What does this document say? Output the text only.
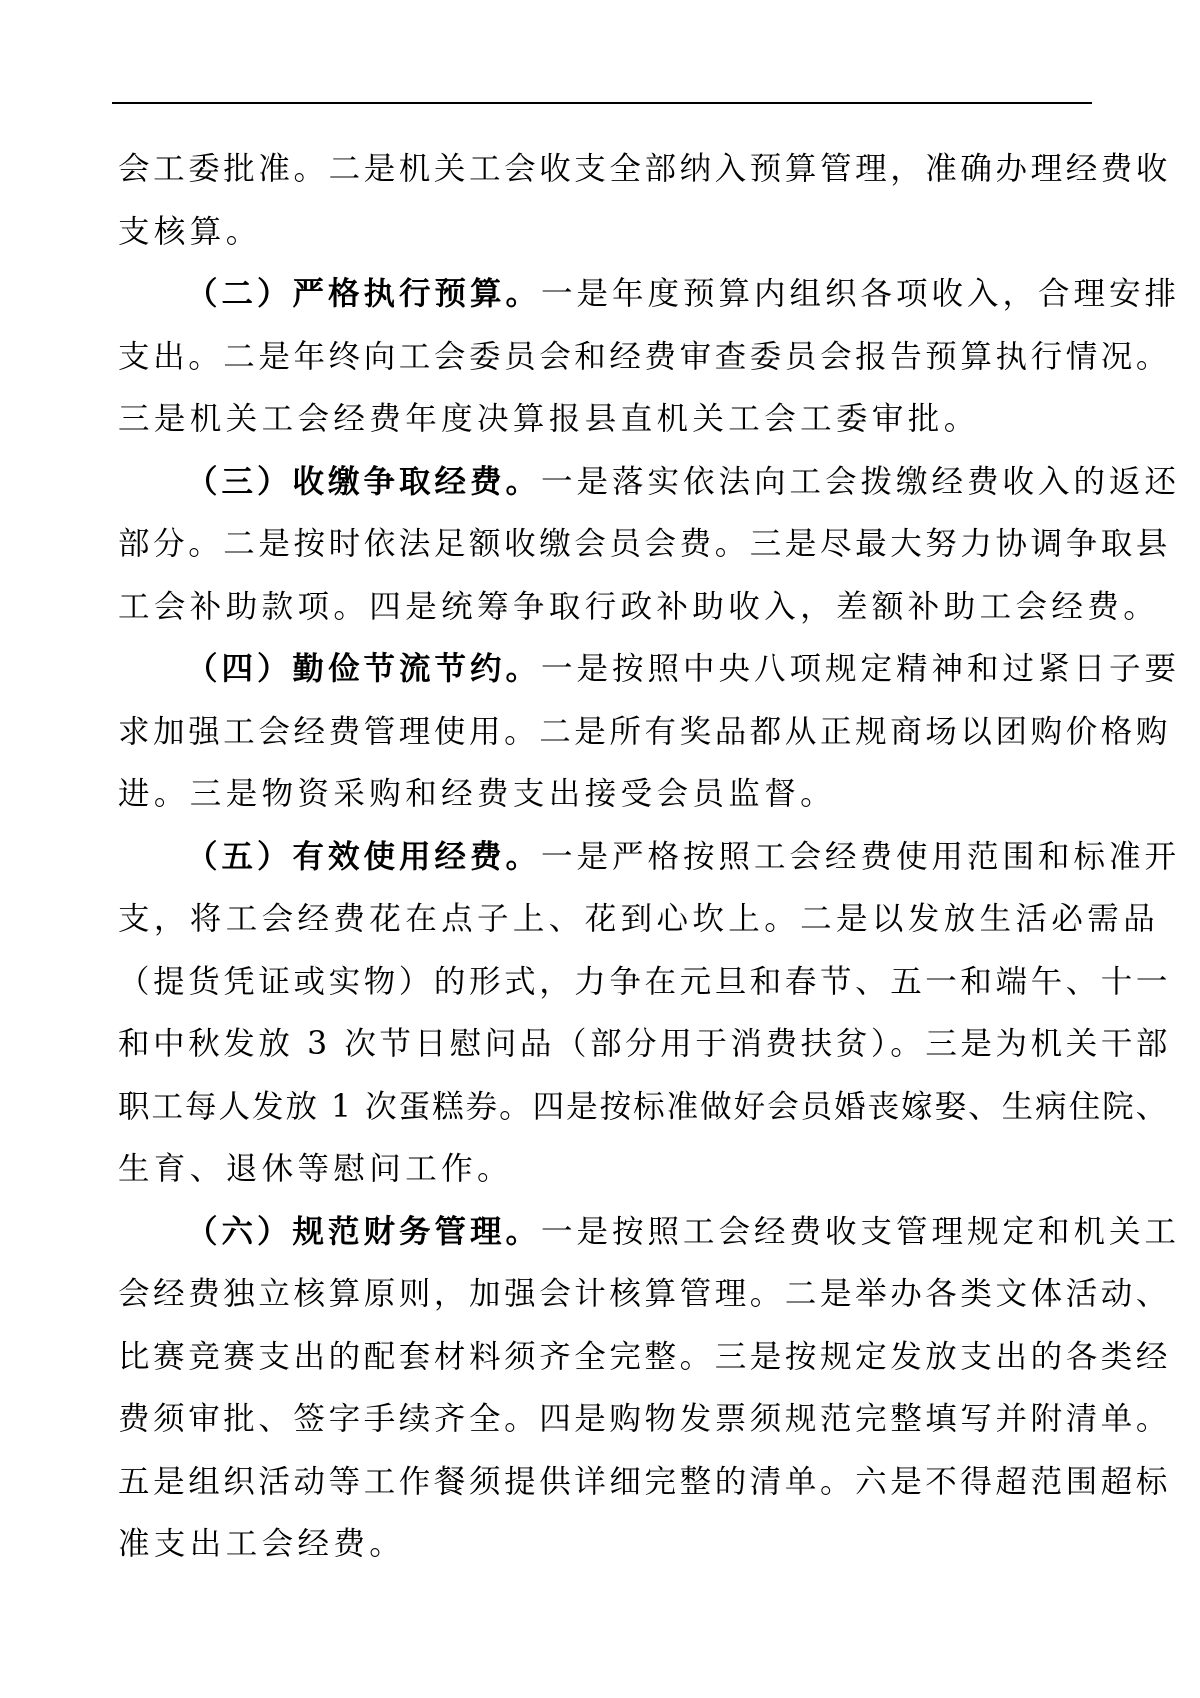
会工委批准。二是机关工会收支全部纳入预算管理，准确办理经费收
支核算。
（二）严格执行预算。一是年度预算内组织各项收入，合理安排
支出。二是年终向工会委员会和经费审查委员会报告预算执行情况。
三是机关工会经费年度决算报县直机关工会工委审批。
（三）收缴争取经费。一是落实依法向工会拨缴经费收入的返还
部分。二是按时依法足额收缴会员会费。三是尽最大努力协调争取县
工会补助款项。四是统筹争取行政补助收入，差额补助工会经费。
（四）勤俭节流节约。一是按照中央八项规定精神和过紧日子要
求加强工会经费管理使用。二是所有奖品都从正规商场以团购价格购
进。三是物资采购和经费支出接受会员监督。
（五）有效使用经费。一是严格按照工会经费使用范围和标准开
支，将工会经费花在点子上、花到心坎上。二是以发放生活必需品
（提货凭证或实物）的形式，力争在元旦和春节、五一和端午、十一
和中秋发放 3 次节日慰问品（部分用于消费扶贫）。三是为机关干部
职工每人发放 1 次蛋糕券。四是按标准做好会员婚丧嫁娶、生病住院、
生育、退休等慰问工作。
（六）规范财务管理。一是按照工会经费收支管理规定和机关工
会经费独立核算原则，加强会计核算管理。二是举办各类文体活动、
比赛竞赛支出的配套材料须齐全完整。三是按规定发放支出的各类经
费须审批、签字手续齐全。四是购物发票须规范完整填写并附清单。
五是组织活动等工作餐须提供详细完整的清单。六是不得超范围超标
准支出工会经费。
